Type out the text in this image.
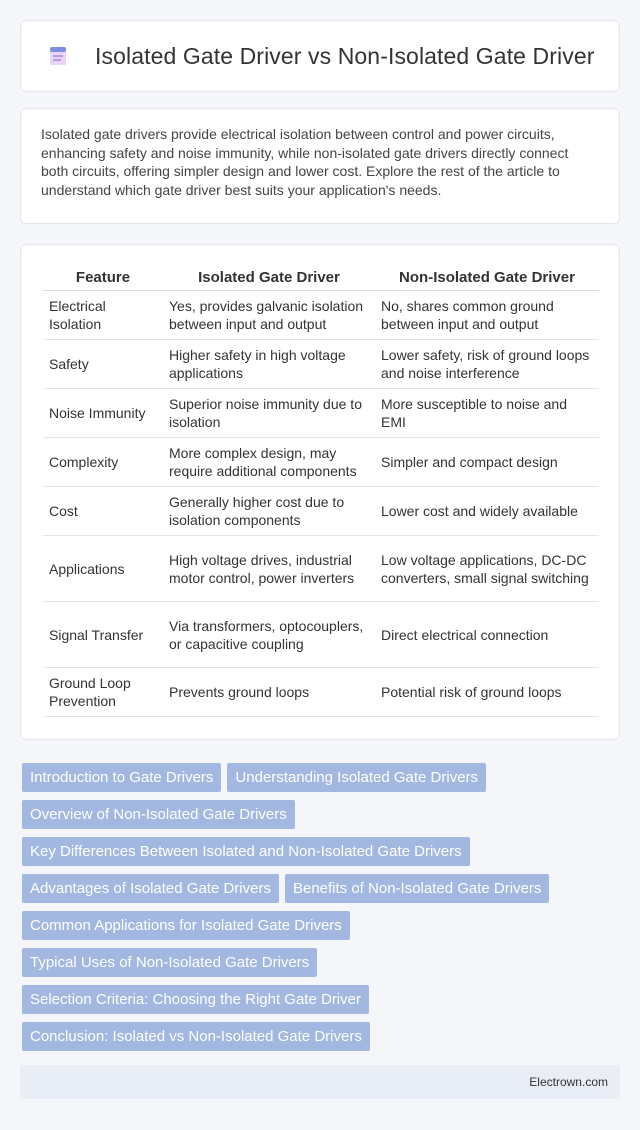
Isolated Gate Driver vs Non-Isolated Gate Driver

Isolated gate drivers provide electrical isolation between control and power circuits, enhancing safety and noise immunity, while non-isolated gate drivers directly connect both circuits, offering simpler design and lower cost. Explore the rest of the article to understand which gate driver best suits your application's needs.

Feature	Isolated Gate Driver	Non-Isolated Gate Driver
Electrical Isolation	Yes, provides galvanic isolation between input and output	No, shares common ground between input and output
Safety	Higher safety in high voltage applications	Lower safety, risk of ground loops and noise interference
Noise Immunity	Superior noise immunity due to isolation	More susceptible to noise and EMI
Complexity	More complex design, may require additional components	Simpler and compact design
Cost	Generally higher cost due to isolation components	Lower cost and widely available
Applications	High voltage drives, industrial motor control, power inverters	Low voltage applications, DC-DC converters, small signal switching
Signal Transfer	Via transformers, optocouplers, or capacitive coupling	Direct electrical connection
Ground Loop Prevention	Prevents ground loops	Potential risk of ground loops
Introduction to Gate Drivers	Understanding Isolated Gate Drivers
Overview of Non-Isolated Gate Drivers
Key Differences Between Isolated and Non-Isolated Gate Drivers
Advantages of Isolated Gate Drivers	Benefits of Non-Isolated Gate Drivers
Common Applications for Isolated Gate Drivers
Typical Uses of Non-Isolated Gate Drivers
Selection Criteria: Choosing the Right Gate Driver
Conclusion: Isolated vs Non-Isolated Gate Drivers
Electrown.com
